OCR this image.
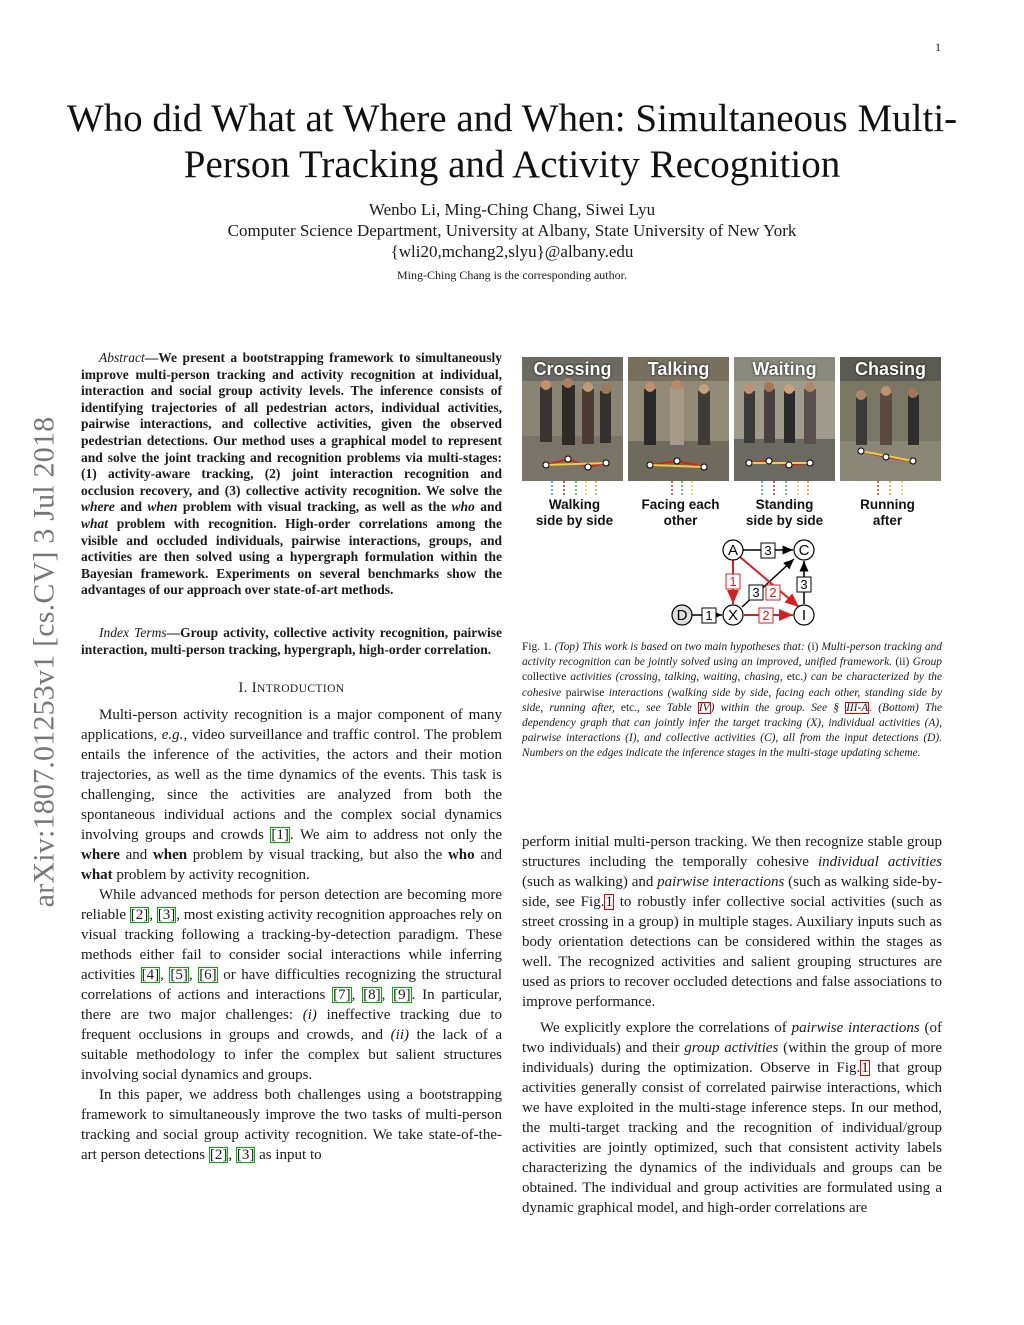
1
Who did What at Where and When: Simultaneous Multi-Person Tracking and Activity Recognition
Wenbo Li, Ming-Ching Chang, Siwei Lyu
Computer Science Department, University at Albany, State University of New York
{wli20,mchang2,slyu}@albany.edu
Ming-Ching Chang is the corresponding author.
arXiv:1807.01253v1 [cs.CV] 3 Jul 2018

Abstract—We present a bootstrapping framework to simultaneously improve multi-person tracking and activity recognition at individual, interaction and social group activity levels. The inference consists of identifying trajectories of all pedestrian actors, individual activities, pairwise interactions, and collective activities, given the observed pedestrian detections. Our method uses a graphical model to represent and solve the joint tracking and recognition problems via multi-stages: (1) activity-aware tracking, (2) joint interaction recognition and occlusion recovery, and (3) collective activity recognition. We solve the where and when problem with visual tracking, as well as the who and what problem with recognition. High-order correlations among the visible and occluded individuals, pairwise interactions, groups, and activities are then solved using a hypergraph formulation within the Bayesian framework. Experiments on several benchmarks show the advantages of our approach over state-of-art methods.

Index Terms—Group activity, collective activity recognition, pairwise interaction, multi-person tracking, hypergraph, high-order correlation.
I. INTRODUCTION

Multi-person activity recognition is a major component of many applications, e.g., video surveillance and traffic control. The problem entails the inference of the activities, the actors and their motion trajectories, as well as the time dynamics of the events. This task is challenging, since the activities are analyzed from both the spontaneous individual actions and the complex social dynamics involving groups and crowds [1]. We aim to address not only the where and when problem by visual tracking, but also the who and what problem by activity recognition.

While advanced methods for person detection are becoming more reliable [2], [3], most existing activity recognition approaches rely on visual tracking following a tracking-by-detection paradigm. These methods either fail to consider social interactions while inferring activities [4], [5], [6] or have difficulties recognizing the structural correlations of actions and interactions [7], [8], [9]. In particular, there are two major challenges: (i) ineffective tracking due to frequent occlusions in groups and crowds, and (ii) the lack of a suitable methodology to infer the complex but salient structures involving social dynamics and groups.

In this paper, we address both challenges using a bootstrapping framework to simultaneously improve the two tasks of multi-person tracking and social group activity recognition. We take state-of-the-art person detections [2], [3] as input to

Crossing	Talking	Waiting	Chasing
Walking
side by side
Facing each
other
Standing
side by side
Running
after
3
1
3 2
3
1	2
A	C
X	I
D
Fig. 1. (Top) This work is based on two main hypotheses that: (i) Multi-person tracking and activity recognition can be jointly solved using an improved, unified framework. (ii) Group collective activities (crossing, talking, waiting, chasing, etc.) can be characterized by the cohesive pairwise interactions (walking side by side, facing each other, standing side by side, running after, etc., see Table IV) within the group. See § III-A. (Bottom) The dependency graph that can jointly infer the target tracking (X), individual activities (A), pairwise interactions (I), and collective activities (C), all from the input detections (D). Numbers on the edges indicate the inference stages in the multi-stage updating scheme.

perform initial multi-person tracking. We then recognize stable group structures including the temporally cohesive individual activities (such as walking) and pairwise interactions (such as walking side-by-side, see Fig.1 to robustly infer collective social activities (such as street crossing in a group) in multiple stages. Auxiliary inputs such as body orientation detections can be considered within the stages as well. The recognized activities and salient grouping structures are used as priors to recover occluded detections and false associations to improve performance.

We explicitly explore the correlations of pairwise interactions (of two individuals) and their group activities (within the group of more individuals) during the optimization. Observe in Fig.1 that group activities generally consist of correlated pairwise interactions, which we have exploited in the multi-stage inference steps. In our method, the multi-target tracking and the recognition of individual/group activities are jointly optimized, such that consistent activity labels characterizing the dynamics of the individuals and groups can be obtained. The individual and group activities are formulated using a dynamic graphical model, and high-order correlations are
